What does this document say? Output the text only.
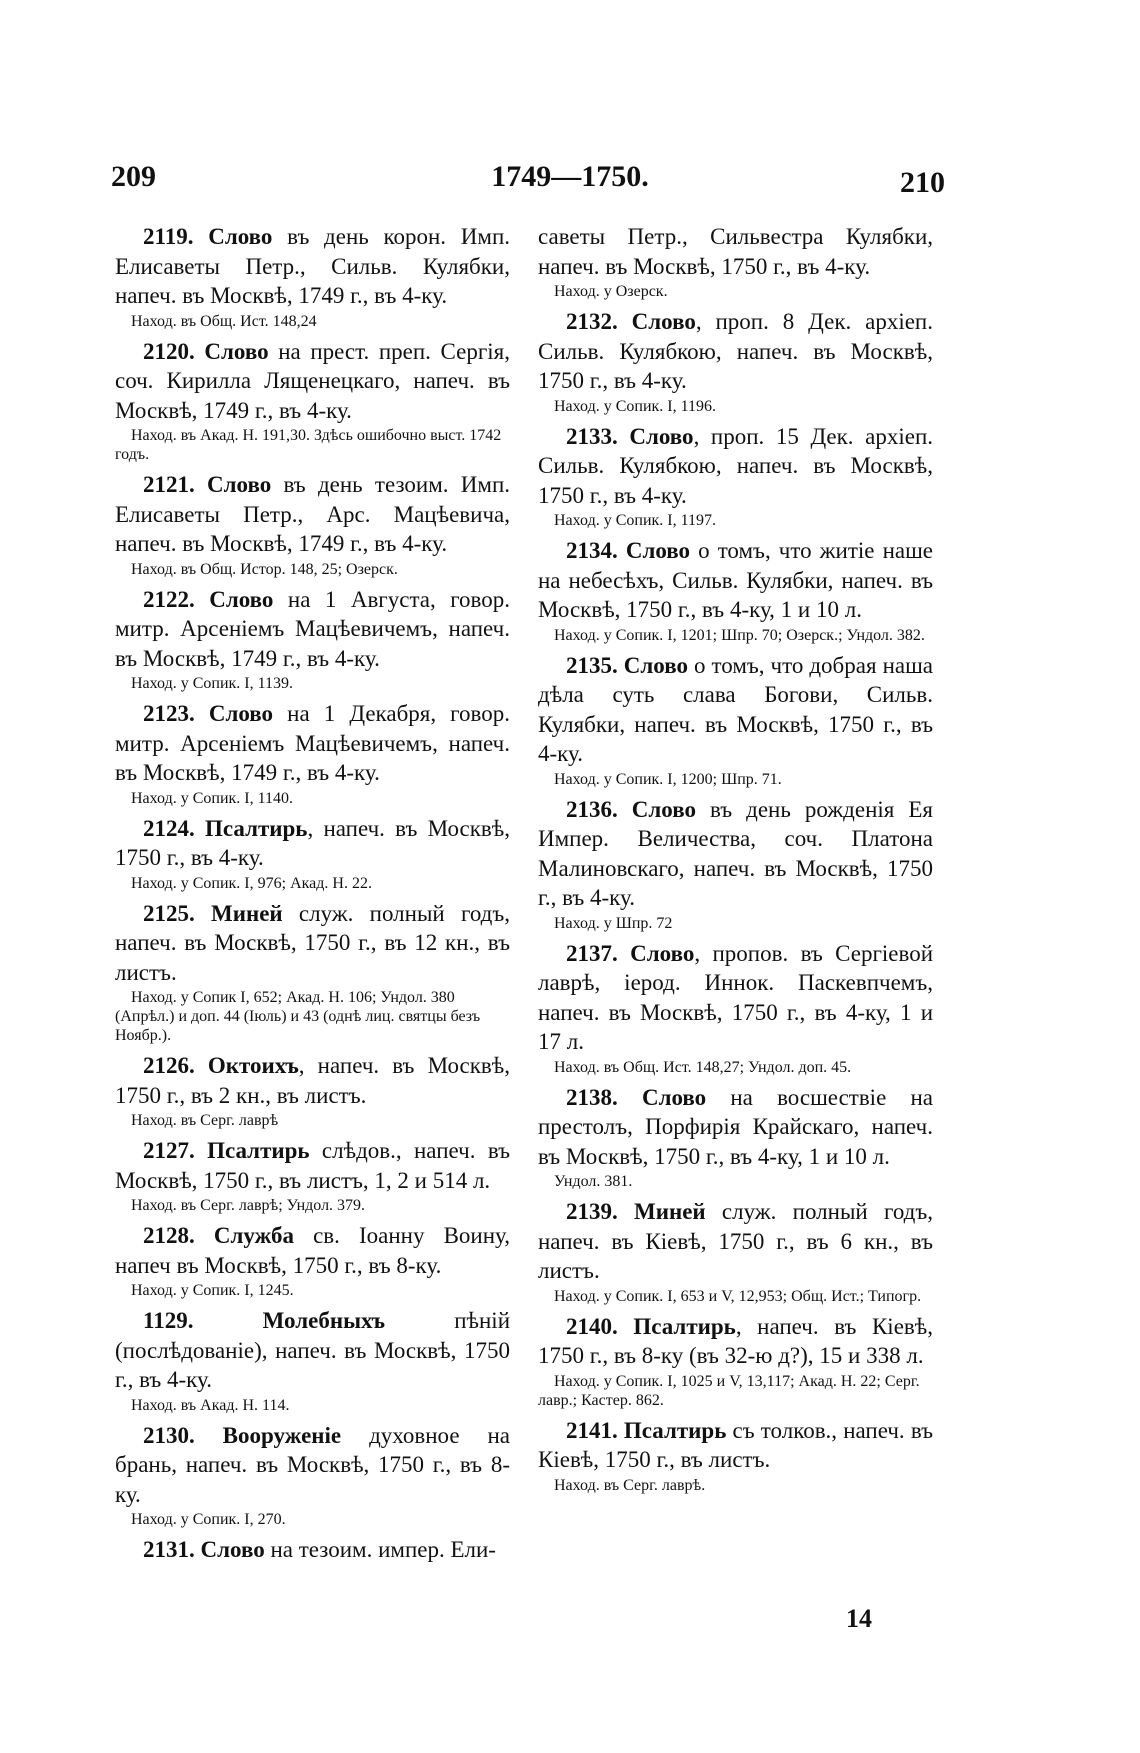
209	1749—1750.	210

2119. Слово въ день корон. Имп. Елисаветы Петр., Сильв. Кулябки, напеч. въ Москвѣ, 1749 г., въ 4-ку.

Наход. въ Общ. Ист. 148,24

2120. Слово на прест. преп. Сергія, соч. Кирилла Лященецкаго, напеч. въ Москвѣ, 1749 г., въ 4-ку.

Наход. въ Акад. Н. 191,30. Здѣсь ошибочно выст. 1742 годъ.

2121. Слово въ день тезоим. Имп. Елисаветы Петр., Арс. Мацѣевича, напеч. въ Москвѣ, 1749 г., въ 4-ку.

Наход. въ Общ. Истор. 148, 25; Озерск.

2122. Слово на 1 Августа, говор. митр. Арсеніемъ Мацѣевичемъ, напеч. въ Москвѣ, 1749 г., въ 4-ку.

Наход. у Сопик. I, 1139.

2123. Слово на 1 Декабря, говор. митр. Арсеніемъ Мацѣевичемъ, напеч. въ Москвѣ, 1749 г., въ 4-ку.

Наход. у Сопик. I, 1140.

2124. Псалтирь, напеч. въ Москвѣ, 1750 г., въ 4-ку.

Наход. у Сопик. I, 976; Акад. Н. 22.

2125. Миней служ. полный годъ, напеч. въ Москвѣ, 1750 г., въ 12 кн., въ листъ.

Наход. у Сопик I, 652; Акад. Н. 106; Ундол. 380 (Апрѣл.) и доп. 44 (Іюль) и 43 (однѣ лиц. святцы безъ Ноябр.).

2126. Октоихъ, напеч. въ Москвѣ, 1750 г., въ 2 кн., въ листъ.

Наход. въ Серг. лаврѣ

2127. Псалтирь слѣдов., напеч. въ Москвѣ, 1750 г., въ листъ, 1, 2 и 514 л.

Наход. въ Серг. лаврѣ; Ундол. 379.

2128. Служба св. Іоанну Воину, напеч въ Москвѣ, 1750 г., въ 8-ку.

Наход. у Сопик. I, 1245.

1129.	Молебныхъ пѣній (послѣдованіе), напеч. въ Москвѣ, 1750 г., въ 4-ку.

Наход. въ Акад. Н. 114.

2130. Вооруженіе духовное на брань, напеч. въ Москвѣ, 1750 г., въ 8-ку.

Наход. у Сопик. I, 270.

2131. Слово на тезоим. импер. Ели-

саветы Петр., Сильвестра Кулябки, напеч. въ Москвѣ, 1750 г., въ 4-ку.

Наход. у Озерск.

2132. Слово, проп. 8 Дек. архіеп. Сильв. Кулябкою, напеч. въ Москвѣ, 1750 г., въ 4-ку.

Наход. у Сопик. I, 1196.

2133. Слово, проп. 15 Дек. архіеп. Сильв. Кулябкою, напеч. въ Москвѣ, 1750 г., въ 4-ку.

Наход. у Сопик. I, 1197.

2134. Слово о томъ, что житіе наше на небесѣхъ, Сильв. Кулябки, напеч. въ Москвѣ, 1750 г., въ 4-ку, 1 и 10 л.

Наход. у Сопик. I, 1201; Шпр. 70; Озерск.; Ундол. 382.

2135. Слово о томъ, что добрая наша дѣла суть слава Богови, Сильв. Кулябки, напеч. въ Москвѣ, 1750 г., въ 4-ку.

Наход. у Сопик. I, 1200; Шпр. 71.

2136. Слово въ день рожденія Ея Импер. Величества, соч. Платона Малиновскаго, напеч. въ Москвѣ, 1750 г., въ 4-ку.

Наход. у Шпр. 72

2137. Слово, пропов. въ Сергіевой лаврѣ, іерод. Иннок. Паскевпчемъ, напеч. въ Москвѣ, 1750 г., въ 4-ку, 1 и 17 л.

Наход. въ Общ. Ист. 148,27; Ундол. доп. 45.

2138. Слово на восшествіе на престолъ, Порфирія Крайскаго, напеч. въ Москвѣ, 1750 г., въ 4-ку, 1 и 10 л.

Ундол. 381.

2139. Миней служ. полный годъ, напеч. въ Кіевѣ, 1750 г., въ 6 кн., въ листъ.

Наход. у Сопик. I, 653 и V, 12,953; Общ. Ист.; Типогр.

2140. Псалтирь, напеч. въ Кіевѣ, 1750 г., въ 8-ку (въ 32-ю д?), 15 и 338 л.

Наход. у Сопик. I, 1025 и V, 13,117; Акад. Н. 22; Серг. лавр.; Кастер. 862.

2141. Псалтирь съ толков., напеч. въ Кіевѣ, 1750 г., въ листъ.

Наход. въ Серг. лаврѣ.
14
